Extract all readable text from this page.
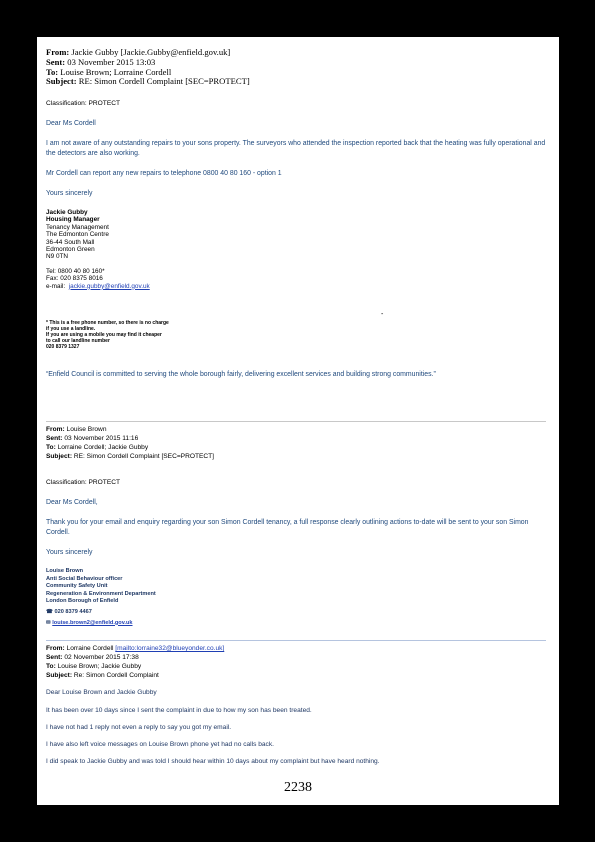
From: Jackie Gubby [Jackie.Gubby@enfield.gov.uk]
Sent: 03 November 2015 13:03
To: Louise Brown; Lorraine Cordell
Subject: RE: Simon Cordell Complaint [SEC=PROTECT]
Classification: PROTECT
Dear Ms Cordell
I am not aware of any outstanding repairs to your sons property. The surveyors who attended the inspection reported back that the heating was fully operational and the detectors are also working.
Mr Cordell can report any new repairs to telephone 0800 40 80 160 - option 1
Yours sincerely
Jackie Gubby
Housing Manager
Tenancy Management
The Edmonton Centre
36-44 South Mall
Edmonton Green
N9 0TN
Tel: 0800 40 80 160*
Fax: 020 8375 8016
e-mail: jackie.gubby@enfield.gov.uk
* This is a free phone number, so there is no charge
if you use a landline.
If you are using a mobile you may find it cheaper
to call our landline number
020 8379 1327
-
“Enfield Council is committed to serving the whole borough fairly, delivering excellent services and building strong communities.”
From: Louise Brown
Sent: 03 November 2015 11:16
To: Lorraine Cordell; Jackie Gubby
Subject: RE: Simon Cordell Complaint [SEC=PROTECT]
Classification: PROTECT
Dear Ms Cordell,
Thank you for your email and enquiry regarding your son Simon Cordell tenancy, a full response clearly outlining actions to-date will be sent to your son Simon Cordell.
Yours sincerely
Louise Brown
Anti Social Behaviour officer
Community Safety Unit
Regeneration & Environment Department
London Borough of Enfield
☎ 020 8379 4467
✉ louise.brown2@enfield.gov.uk
From: Lorraine Cordell [mailto:lorraine32@blueyonder.co.uk]
Sent: 02 November 2015 17:38
To: Louise Brown; Jackie Gubby
Subject: Re: Simon Cordell Complaint
Dear Louise Brown and Jackie Gubby
It has been over 10 days since I sent the complaint in due to how my son has been treated.
I have not had 1 reply not even a reply to say you got my email.
I have also left voice messages on Louise Brown phone yet had no calls back.
I did speak to Jackie Gubby and was told I should hear within 10 days about my complaint but have heard nothing.
2238
